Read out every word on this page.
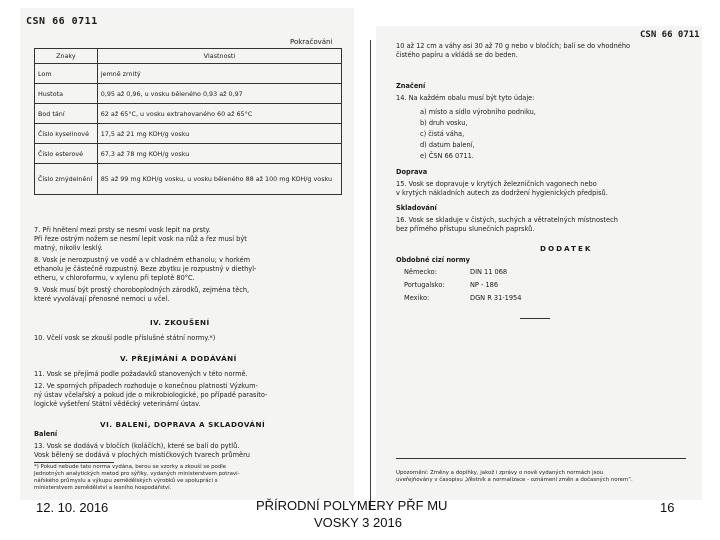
ČSN 66 0711
Pokračování
Znaky	Vlastnosti
Lom	jemně zrnitý
Hustota	0,95 až 0,96, u vosku běleného 0,93 až 0,97
Bod tání	62 až 65°C, u vosku extrahovaného 60 až 65°C
Číslo kyselinové	17,5 až 21 mg KOH/g vosku
Číslo esterové	67,3 až 78 mg KOH/g vosku
Číslo zmýdelnění	85 až 99 mg KOH/g vosku, u vosku běleného 88 až 100 mg KOH/g vosku
7. Při hnětení mezi prsty se nesmí vosk lepit na prsty.
Při řeze ostrým nožem se nesmí lepit vosk na nůž a řez musí být
matný, nikoliv lesklý.
8. Vosk je nerozpustný ve vodě a v chladném ethanolu; v horkém
ethanolu je částečně rozpustný. Beze zbytku je rozpustný v diethyl-
etheru, v chloroformu, v xylenu při teplotě 80°C.
9. Vosk musí být prostý choroboplodných zárodků, zejména těch,
které vyvolávají přenosné nemoci u včel.
IV. ZKOUŠENÍ
10. Včelí vosk se zkouší podle příslušné státní normy.*)
V. PŘEJÍMÁNÍ A DODÁVÁNÍ
11. Vosk se přejímá podle požadavků stanovených v této normě.
12. Ve sporných případech rozhoduje o konečnou platnosti Výzkum-
ný ústav včelařský a pokud jde o mikrobiologické, po případě parasito-
logické vyšetření Státní věděcký veterinární ústav.
VI. BALENÍ, DOPRAVA A SKLADOVÁNÍ
Balení
13. Vosk se dodává v bločích (koláčích), které se balí do pytlů.
Vosk bělený se dodává v plochých mističkových tvarech průměru
*) Pokud nebude tato norma vydána, berou se vzorky a zkouší se podle
Jednotných analytických metod pro sýřiky, vydaných ministerstvem potravi-
nářského průmyslu a výkupu zemědělských výrobků ve spolupráci s
ministerstvem zemědělství a lesního hospodářství.
ČSN 66 0711
10 až 12 cm a váhy asi 30 až 70 g nebo v bločích; balí se do vhodného
čistého papíru a vkládá se do beden.
Značení
14. Na každém obalu musí být tyto údaje:
a) místo a sídlo výrobního podniku,
b) druh vosku,
c) čistá váha,
d) datum balení,
e) ČSN 66 0711.
Doprava
15. Vosk se dopravuje v krytých železničních vagonech nebo
v krytých nákladních autech za dodržení hygienických předpisů.
Skladování
16. Vosk se skladuje v čistých, suchých a větratelných místnostech
bez přímého přístupu slunečních paprsků.
DODATEK
Obdobné cizí normy
Německo:	DIN 11 068
Portugalsko:	NP - 186
Mexiko:	DGN R 31-1954
Upozornění: Změny a doplňky, jakož i zprávy o nově vydaných normách jsou
uveřejňovány v časopisu „Věstník a normalizace - oznámení změn a dočasných norem“.
12. 10. 2016	PŘÍRODNÍ POLYMERY PŘF MU
VOSKY 3 2016
16
